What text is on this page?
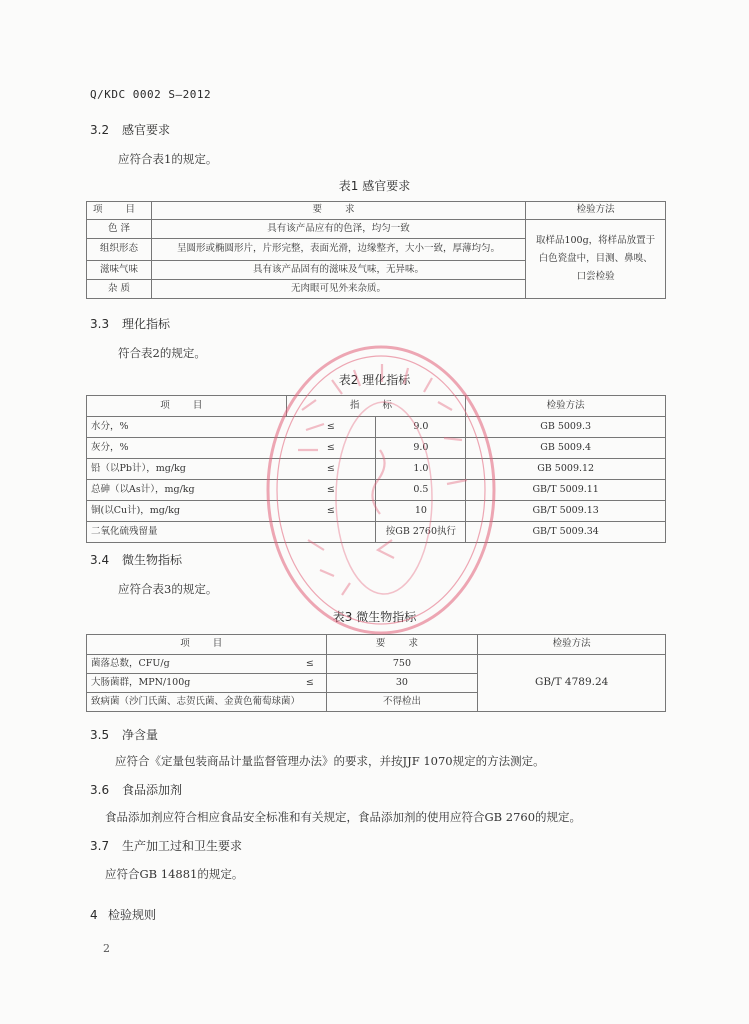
Q/KDC 0002 S—2012
3.2 感官要求
应符合表1的规定。
表1 感官要求
项 目	要 求	检验方法
色 泽	具有该产品应有的色泽，均匀一致	取样品100g，将样品放置于白色瓷盘中，目测、鼻嗅、口尝检验
组织形态	呈圆形或椭圆形片，片形完整，表面光滑，边缘整齐，大小一致，厚薄均匀。	
滋味气味	具有该产品固有的滋味及气味，无异味。	
杂 质	无肉眼可见外来杂质。	
3.3 理化指标
符合表2的规定。
表2 理化指标
项 目	指 标		检验方法
水分，%	≤	9.0	GB 5009.3
灰分，%	≤	9.0	GB 5009.4
铅（以Pb计），mg/kg	≤	1.0	GB 5009.12
总砷（以As计），mg/kg	≤	0.5	GB/T 5009.11
铜(以Cu计)，mg/kg	≤	10	GB/T 5009.13
二氧化硫残留量		按GB 2760执行	GB/T 5009.34
3.4 微生物指标
应符合表3的规定。
表3 微生物指标
项 目		要 求	检验方法
菌落总数，CFU/g	≤	750	GB/T 4789.24
大肠菌群，MPN/100g	≤	30	
致病菌（沙门氏菌、志贺氏菌、金黄色葡萄球菌）		不得检出	
3.5 净含量
应符合《定量包装商品计量监督管理办法》的要求，并按JJF 1070规定的方法测定。
3.6 食品添加剂
食品添加剂应符合相应食品安全标准和有关规定，食品添加剂的使用应符合GB 2760的规定。
3.7 生产加工过和卫生要求
应符合GB 14881的规定。
4 检验规则
2
